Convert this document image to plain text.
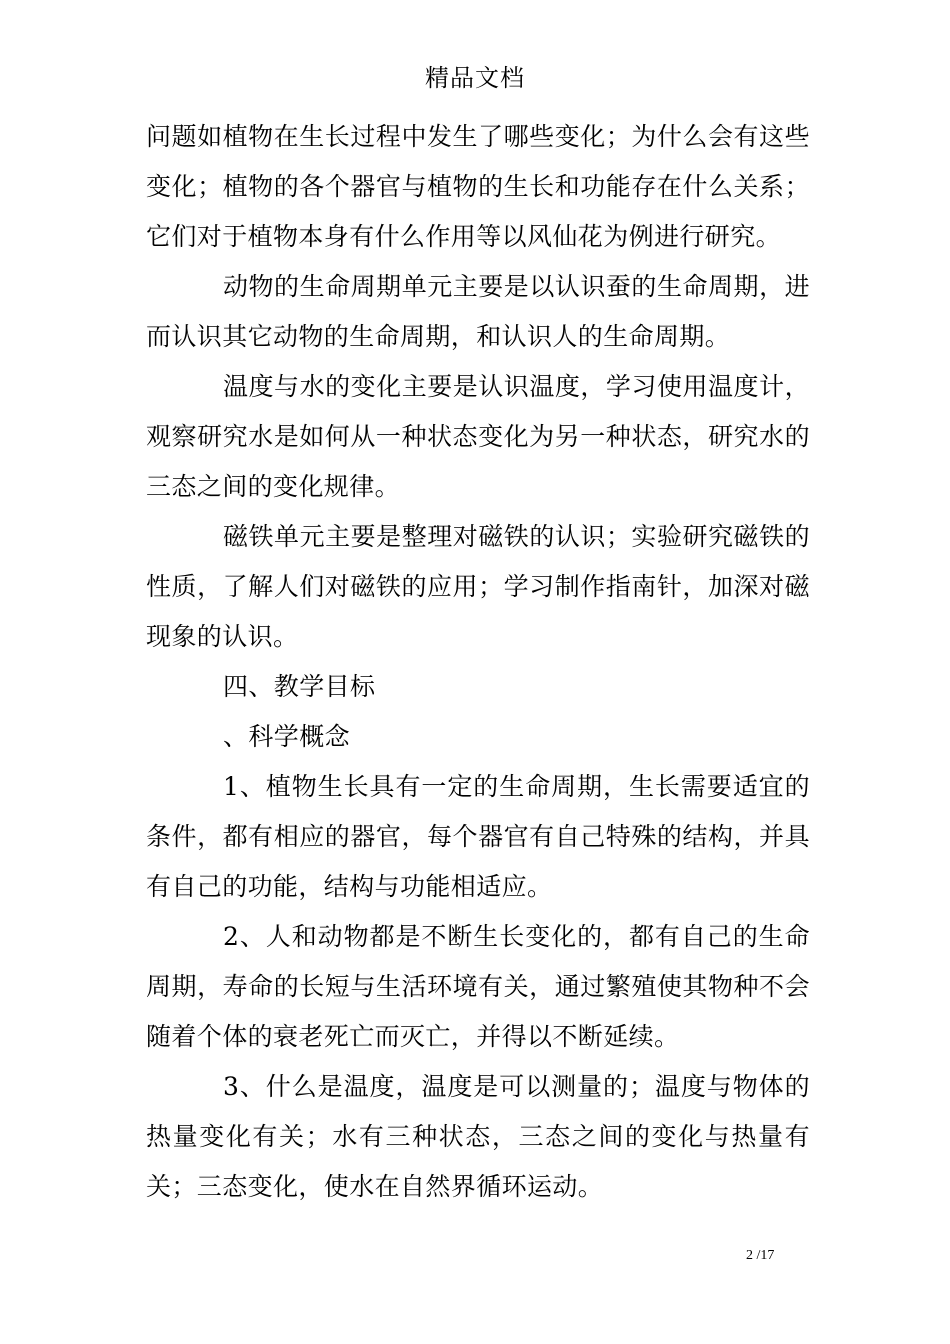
精品文档

问题如植物在生长过程中发生了哪些变化；为什么会有这些变化；植物的各个器官与植物的生长和功能存在什么关系；它们对于植物本身有什么作用等以风仙花为例进行研究。

动物的生命周期单元主要是以认识蚕的生命周期，进而认识其它动物的生命周期，和认识人的生命周期。

温度与水的变化主要是认识温度，学习使用温度计，观察研究水是如何从一种状态变化为另一种状态，研究水的三态之间的变化规律。

磁铁单元主要是整理对磁铁的认识；实验研究磁铁的性质，了解人们对磁铁的应用；学习制作指南针，加深对磁现象的认识。

四、教学目标

、科学概念

1、植物生长具有一定的生命周期，生长需要适宜的条件，都有相应的器官，每个器官有自己特殊的结构，并具有自己的功能，结构与功能相适应。

2、人和动物都是不断生长变化的，都有自己的生命周期，寿命的长短与生活环境有关，通过繁殖使其物种不会随着个体的衰老死亡而灭亡，并得以不断延续。

3、什么是温度，温度是可以测量的；温度与物体的热量变化有关；水有三种状态，三态之间的变化与热量有关；三态变化，使水在自然界循环运动。

2 /17
